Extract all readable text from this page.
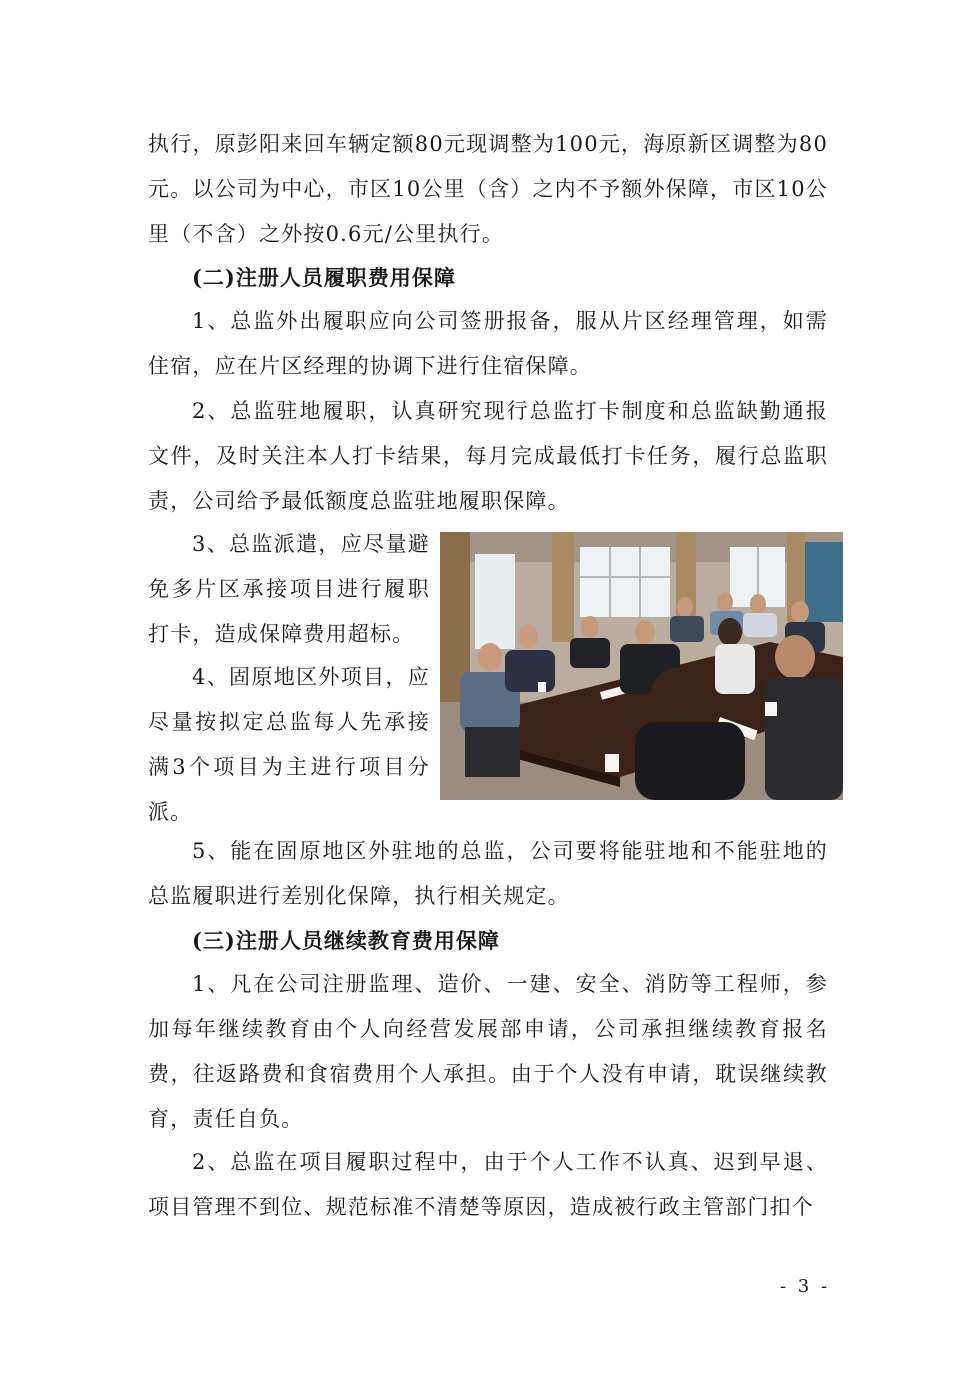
执行，原彭阳来回车辆定额80元现调整为100元，海原新区调整为80元。以公司为中心，市区10公里（含）之内不予额外保障，市区10公里（不含）之外按0.6元/公里执行。

(二)注册人员履职费用保障

1、总监外出履职应向公司签册报备，服从片区经理管理，如需住宿，应在片区经理的协调下进行住宿保障。

2、总监驻地履职，认真研究现行总监打卡制度和总监缺勤通报文件，及时关注本人打卡结果，每月完成最低打卡任务，履行总监职责，公司给予最低额度总监驻地履职保障。

3、总监派遣，应尽量避免多片区承接项目进行履职打卡，造成保障费用超标。

4、固原地区外项目，应尽量按拟定总监每人先承接满3个项目为主进行项目分派。

5、能在固原地区外驻地的总监，公司要将能驻地和不能驻地的总监履职进行差别化保障，执行相关规定。

(三)注册人员继续教育费用保障

1、凡在公司注册监理、造价、一建、安全、消防等工程师，参加每年继续教育由个人向经营发展部申请，公司承担继续教育报名费，往返路费和食宿费用个人承担。由于个人没有申请，耽误继续教育，责任自负。

2、总监在项目履职过程中，由于个人工作不认真、迟到早退、项目管理不到位、规范标准不清楚等原因，造成被行政主管部门扣个

- 3 -
